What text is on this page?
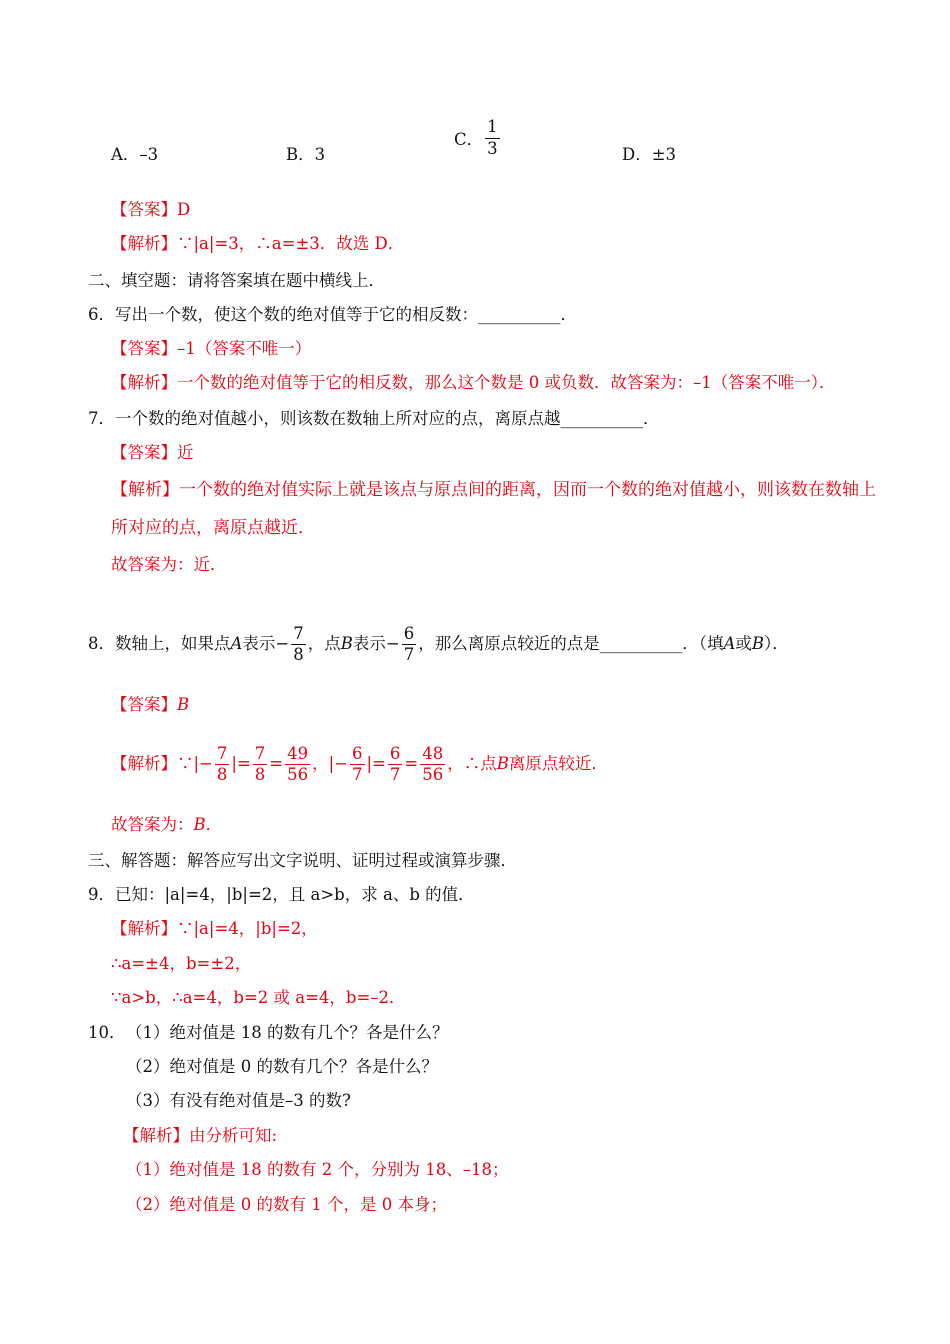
A．–3	B．3
C． $\frac{1}{3}$	D．±3
【答案】D
【解析】∵|a|=3，∴a=±3．故选 D．
二、填空题：请将答案填在题中横线上．
6．写出一个数，使这个数的绝对值等于它的相反数：__________．
【答案】–1（答案不唯一）
【解析】一个数的绝对值等于它的相反数，那么这个数是 0 或负数．故答案为：–1（答案不唯一）．
7．一个数的绝对值越小，则该数在数轴上所对应的点，离原点越__________．
【答案】近
【解析】一个数的绝对值实际上就是该点与原点间的距离，因而一个数的绝对值越小，则该数在数轴上
所对应的点，离原点越近．
故答案为：近．
8．数轴上，如果点A表示− $\frac{7}{8}$ ，点B表示− $\frac{6}{7}$ ，那么离原点较近的点是__________．（填A或B）．
【答案】B
【解析】∵|− $\frac{7}{8}$ |= $\frac{7}{8} = \frac{49}{56}$ ，|− $\frac{6}{7}$ |= $\frac{6}{7} = \frac{48}{56}$ ，∴点B离原点较近．
故答案为：B．
三、解答题：解答应写出文字说明、证明过程或演算步骤．
9．已知：|a|=4，|b|=2，且 a>b，求 a、b 的值．
【解析】∵|a|=4，|b|=2，
∴a=±4，b=±2，
∵a>b，∴a=4，b=2 或 a=4，b=–2．
10． （1）绝对值是 18 的数有几个？各是什么？
（2）绝对值是 0 的数有几个？各是什么？
（3）有没有绝对值是–3 的数?
【解析】由分析可知:
（1）绝对值是 18 的数有 2 个，分别为 18、–18；
（2）绝对值是 0 的数有 1 个，是 0 本身；
